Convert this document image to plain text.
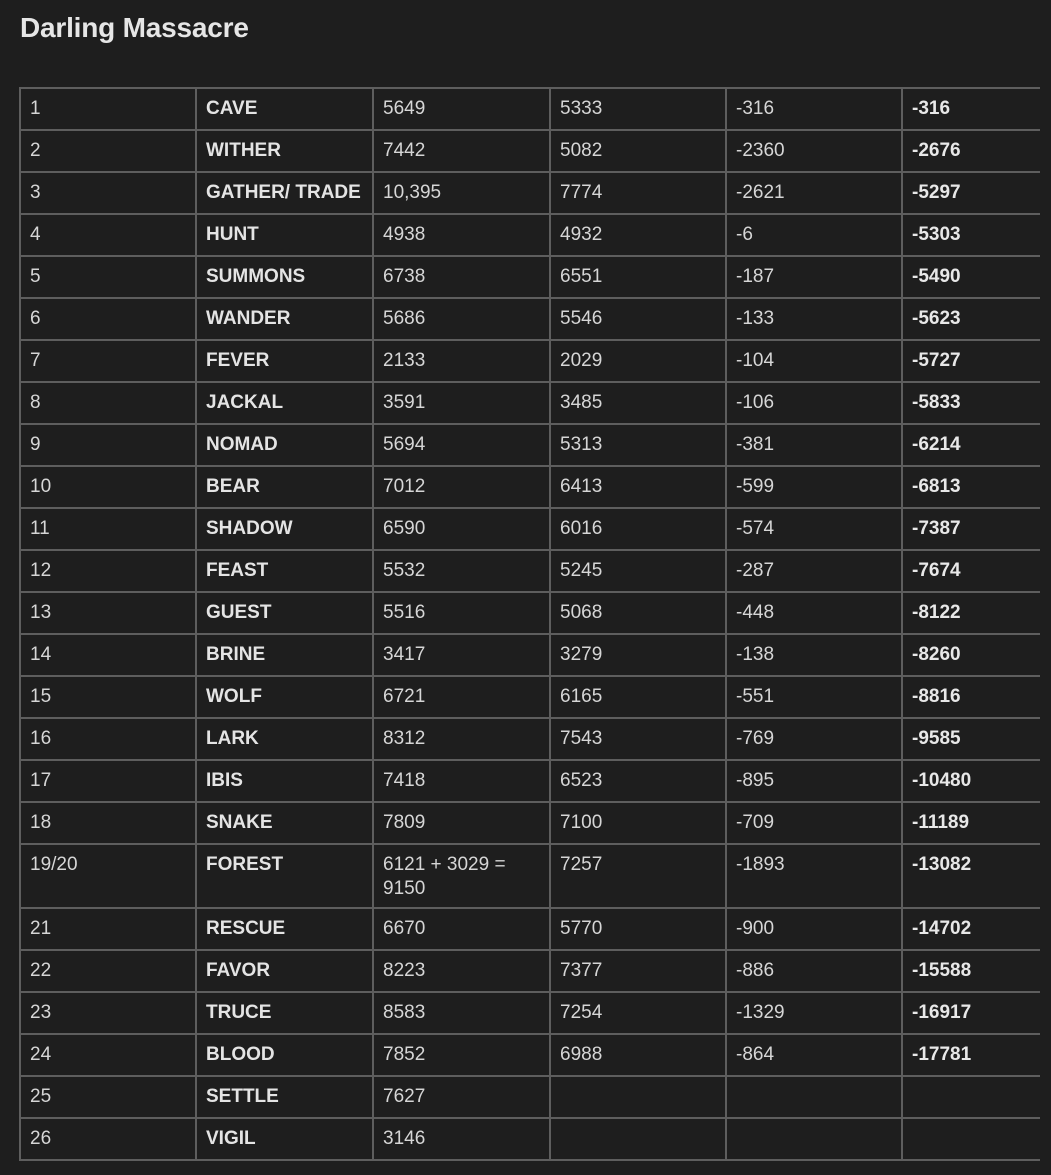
Darling Massacre
1	CAVE	5649	5333	-316	-316
2	WITHER	7442	5082	-2360	-2676
3	GATHER/ TRADE	10,395	7774	-2621	-5297
4	HUNT	4938	4932	-6	-5303
5	SUMMONS	6738	6551	-187	-5490
6	WANDER	5686	5546	-133	-5623
7	FEVER	2133	2029	-104	-5727
8	JACKAL	3591	3485	-106	-5833
9	NOMAD	5694	5313	-381	-6214
10	BEAR	7012	6413	-599	-6813
11	SHADOW	6590	6016	-574	-7387
12	FEAST	5532	5245	-287	-7674
13	GUEST	5516	5068	-448	-8122
14	BRINE	3417	3279	-138	-8260
15	WOLF	6721	6165	-551	-8816
16	LARK	8312	7543	-769	-9585
17	IBIS	7418	6523	-895	-10480
18	SNAKE	7809	7100	-709	-11189
19/20	FOREST	6121 + 3029 = 9150	7257	-1893	-13082
21	RESCUE	6670	5770	-900	-14702
22	FAVOR	8223	7377	-886	-15588
23	TRUCE	8583	7254	-1329	-16917
24	BLOOD	7852	6988	-864	-17781
25	SETTLE	7627			
26	VIGIL	3146			
